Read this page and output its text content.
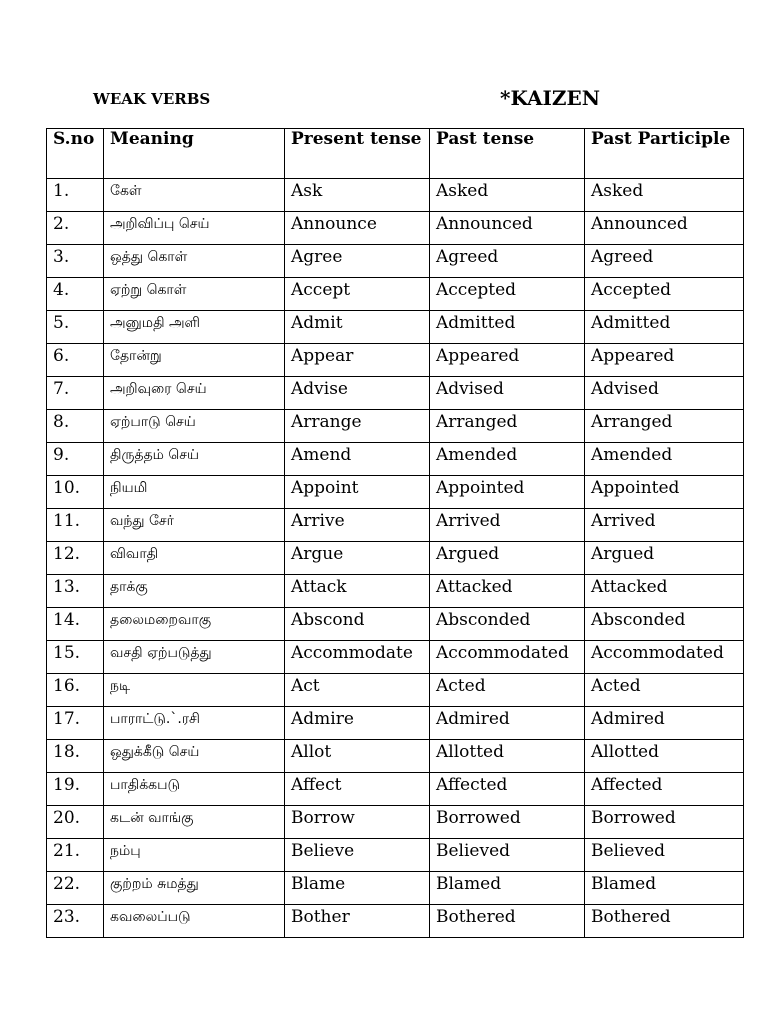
WEAK VERBS	*KAIZEN
S.no	Meaning	Present tense	Past tense	Past Participle
1.	கேள்	Ask	Asked	Asked
2.	அறிவிப்பு செய்	Announce	Announced	Announced
3.	ஒத்து கொள்	Agree	Agreed	Agreed
4.	ஏற்று கொள்	Accept	Accepted	Accepted
5.	அனுமதி அளி	Admit	Admitted	Admitted
6.	தோன்று	Appear	Appeared	Appeared
7.	அறிவுரை செய்	Advise	Advised	Advised
8.	ஏற்பாடு செய்	Arrange	Arranged	Arranged
9.	திருத்தம் செய்	Amend	Amended	Amended
10.	நியமி	Appoint	Appointed	Appointed
11.	வந்து சேர்	Arrive	Arrived	Arrived
12.	விவாதி	Argue	Argued	Argued
13.	தாக்கு	Attack	Attacked	Attacked
14.	தலைமறைவாகு	Abscond	Absconded	Absconded
15.	வசதி ஏற்படுத்து	Accommodate	Accommodated	Accommodated
16.	நடி	Act	Acted	Acted
17.	பாராட்டு.`.ரசி	Admire	Admired	Admired
18.	ஒதுக்கீடு செய்	Allot	Allotted	Allotted
19.	பாதிக்கபடு	Affect	Affected	Affected
20.	கடன் வாங்கு	Borrow	Borrowed	Borrowed
21.	நம்பு	Believe	Believed	Believed
22.	குற்றம் சுமத்து	Blame	Blamed	Blamed
23.	கவலைப்படு	Bother	Bothered	Bothered
